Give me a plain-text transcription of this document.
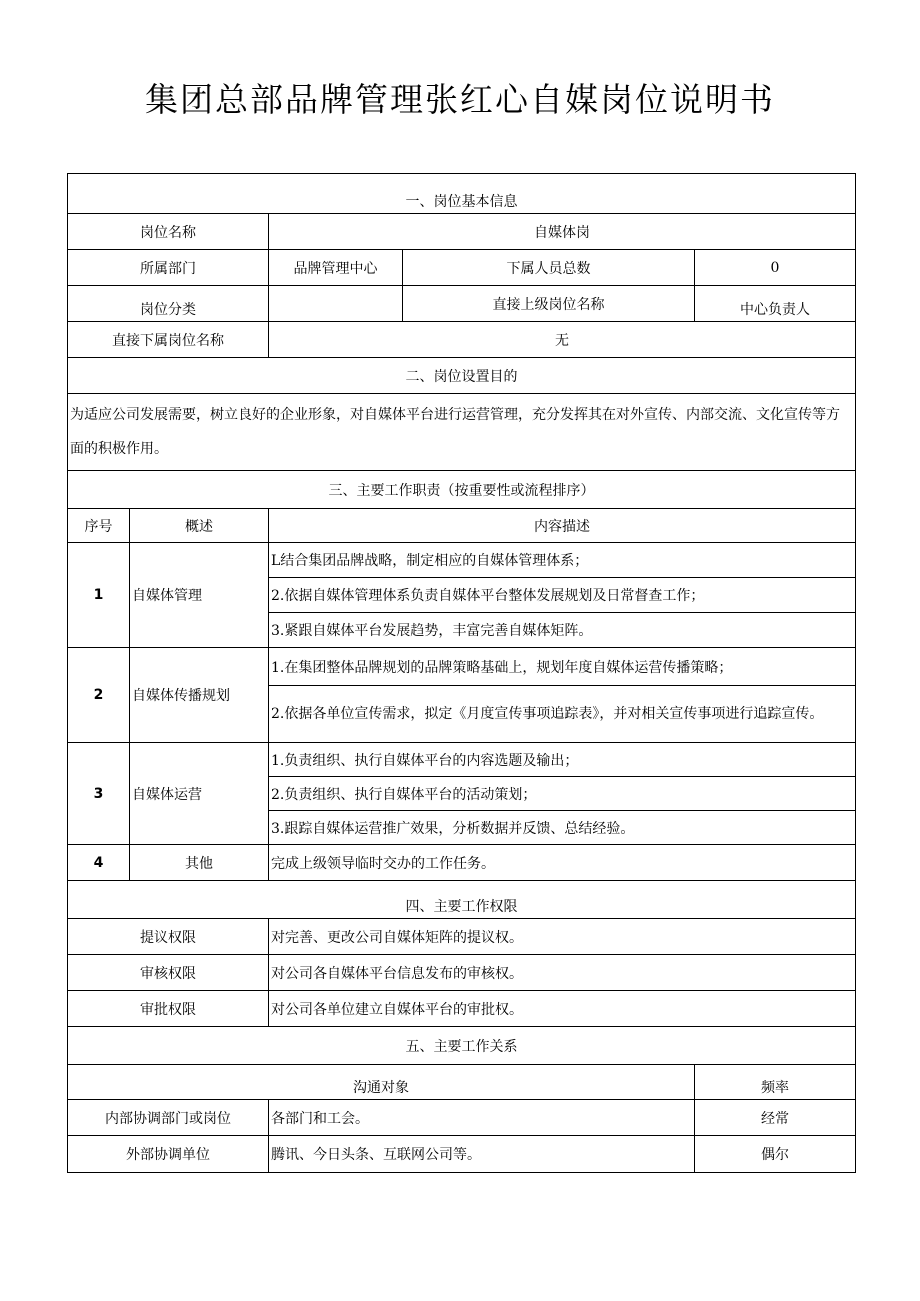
集团总部品牌管理张红心自媒岗位说明书
一、岗位基本信息				
岗位名称		自媒体岗		
所属部门		品牌管理中心	下属人员总数	0
岗位分类			直接上级岗位名称	中心负责人
直接下属岗位名称		无		
二、岗位设置目的				
为适应公司发展需要，树立良好的企业形象，对自媒体平台进行运营管理，充分发挥其在对外宣传、内部交流、文化宣传等方面的积极作用。				
三、主要工作职责（按重要性或流程排序）				
序号	概述	内容描述		
1	自媒体管理	L结合集团品牌战略，制定相应的自媒体管理体系；		
		2.依据自媒体管理体系负责自媒体平台整体发展规划及日常督查工作；		
		3.紧跟自媒体平台发展趋势，丰富完善自媒体矩阵。		
2	自媒体传播规划	1.在集团整体品牌规划的品牌策略基础上，规划年度自媒体运营传播策略；		
		2.依据各单位宣传需求，拟定《月度宣传事项追踪表》，并对相关宣传事项进行追踪宣传。		
3	自媒体运营	1.负责组织、执行自媒体平台的内容选题及输出；		
		2.负责组织、执行自媒体平台的活动策划；		
		3.跟踪自媒体运营推广效果，分析数据并反馈、总结经验。		
4	其他	完成上级领导临时交办的工作任务。		
四、主要工作权限				
提议权限		对完善、更改公司自媒体矩阵的提议权。		
审核权限		对公司各自媒体平台信息发布的审核权。		
审批权限		对公司各单位建立自媒体平台的审批权。		
五、主要工作关系				
沟通对象				频率
内部协调部门或岗位		各部门和工会。		经常
外部协调单位		腾讯、今日头条、互联网公司等。		偶尔
